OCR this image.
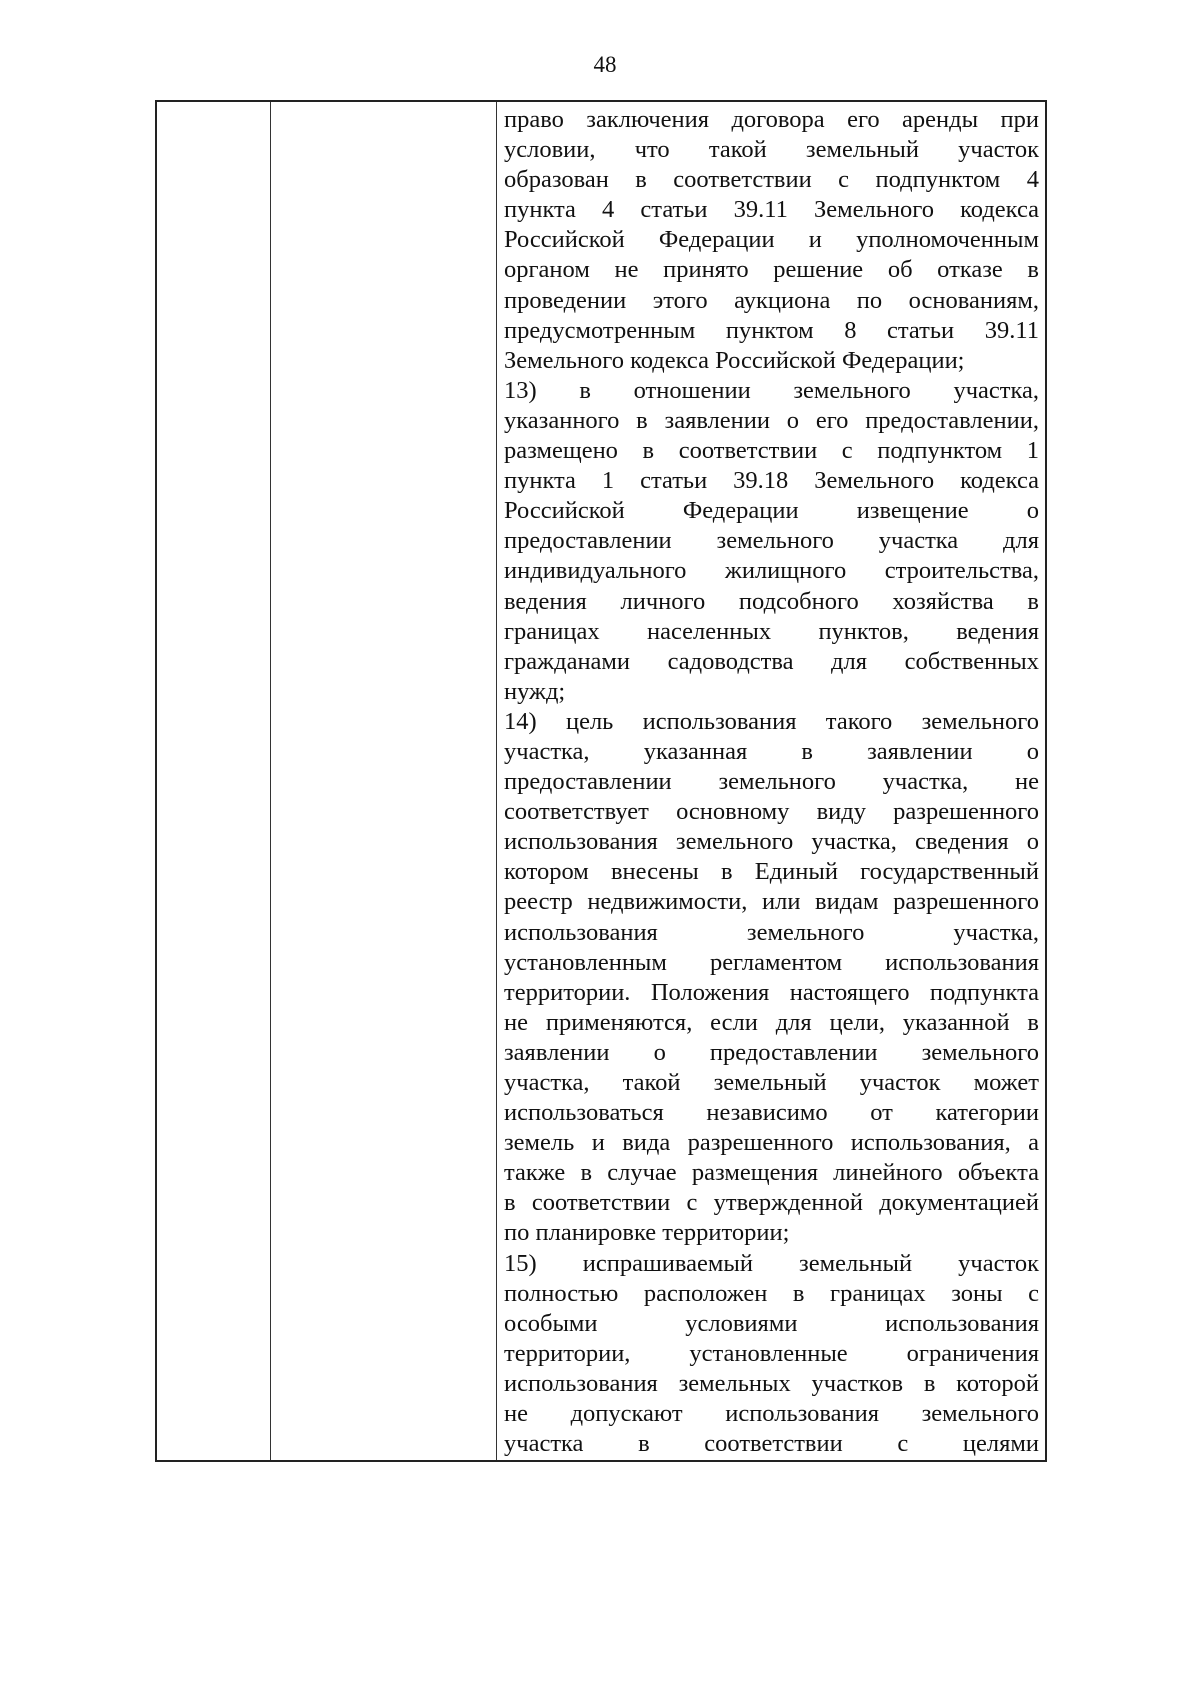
48
право заключения договора его аренды при
условии, что такой земельный участок
образован в соответствии с подпунктом 4
пункта 4 статьи 39.11 Земельного кодекса
Российской Федерации и уполномоченным
органом не принято решение об отказе в
проведении этого аукциона по основаниям,
предусмотренным пунктом 8 статьи 39.11
Земельного кодекса Российской Федерации;
13) в отношении земельного участка,
указанного в заявлении о его предоставлении,
размещено в соответствии с подпунктом 1
пункта 1 статьи 39.18 Земельного кодекса
Российской Федерации извещение о
предоставлении земельного участка для
индивидуального жилищного строительства,
ведения личного подсобного хозяйства в
границах населенных пунктов, ведения
гражданами садоводства для собственных
нужд;
14) цель использования такого земельного
участка, указанная в заявлении о
предоставлении земельного участка, не
соответствует основному виду разрешенного
использования земельного участка, сведения о
котором внесены в Единый государственный
реестр недвижимости, или видам разрешенного
использования земельного участка,
установленным регламентом использования
территории. Положения настоящего подпункта
не применяются, если для цели, указанной в
заявлении о предоставлении земельного
участка, такой земельный участок может
использоваться независимо от категории
земель и вида разрешенного использования, а
также в случае размещения линейного объекта
в соответствии с утвержденной документацией
по планировке территории;
15) испрашиваемый земельный участок
полностью расположен в границах зоны с
особыми условиями использования
территории, установленные ограничения
использования земельных участков в которой
не допускают использования земельного
участка в соответствии с целями
